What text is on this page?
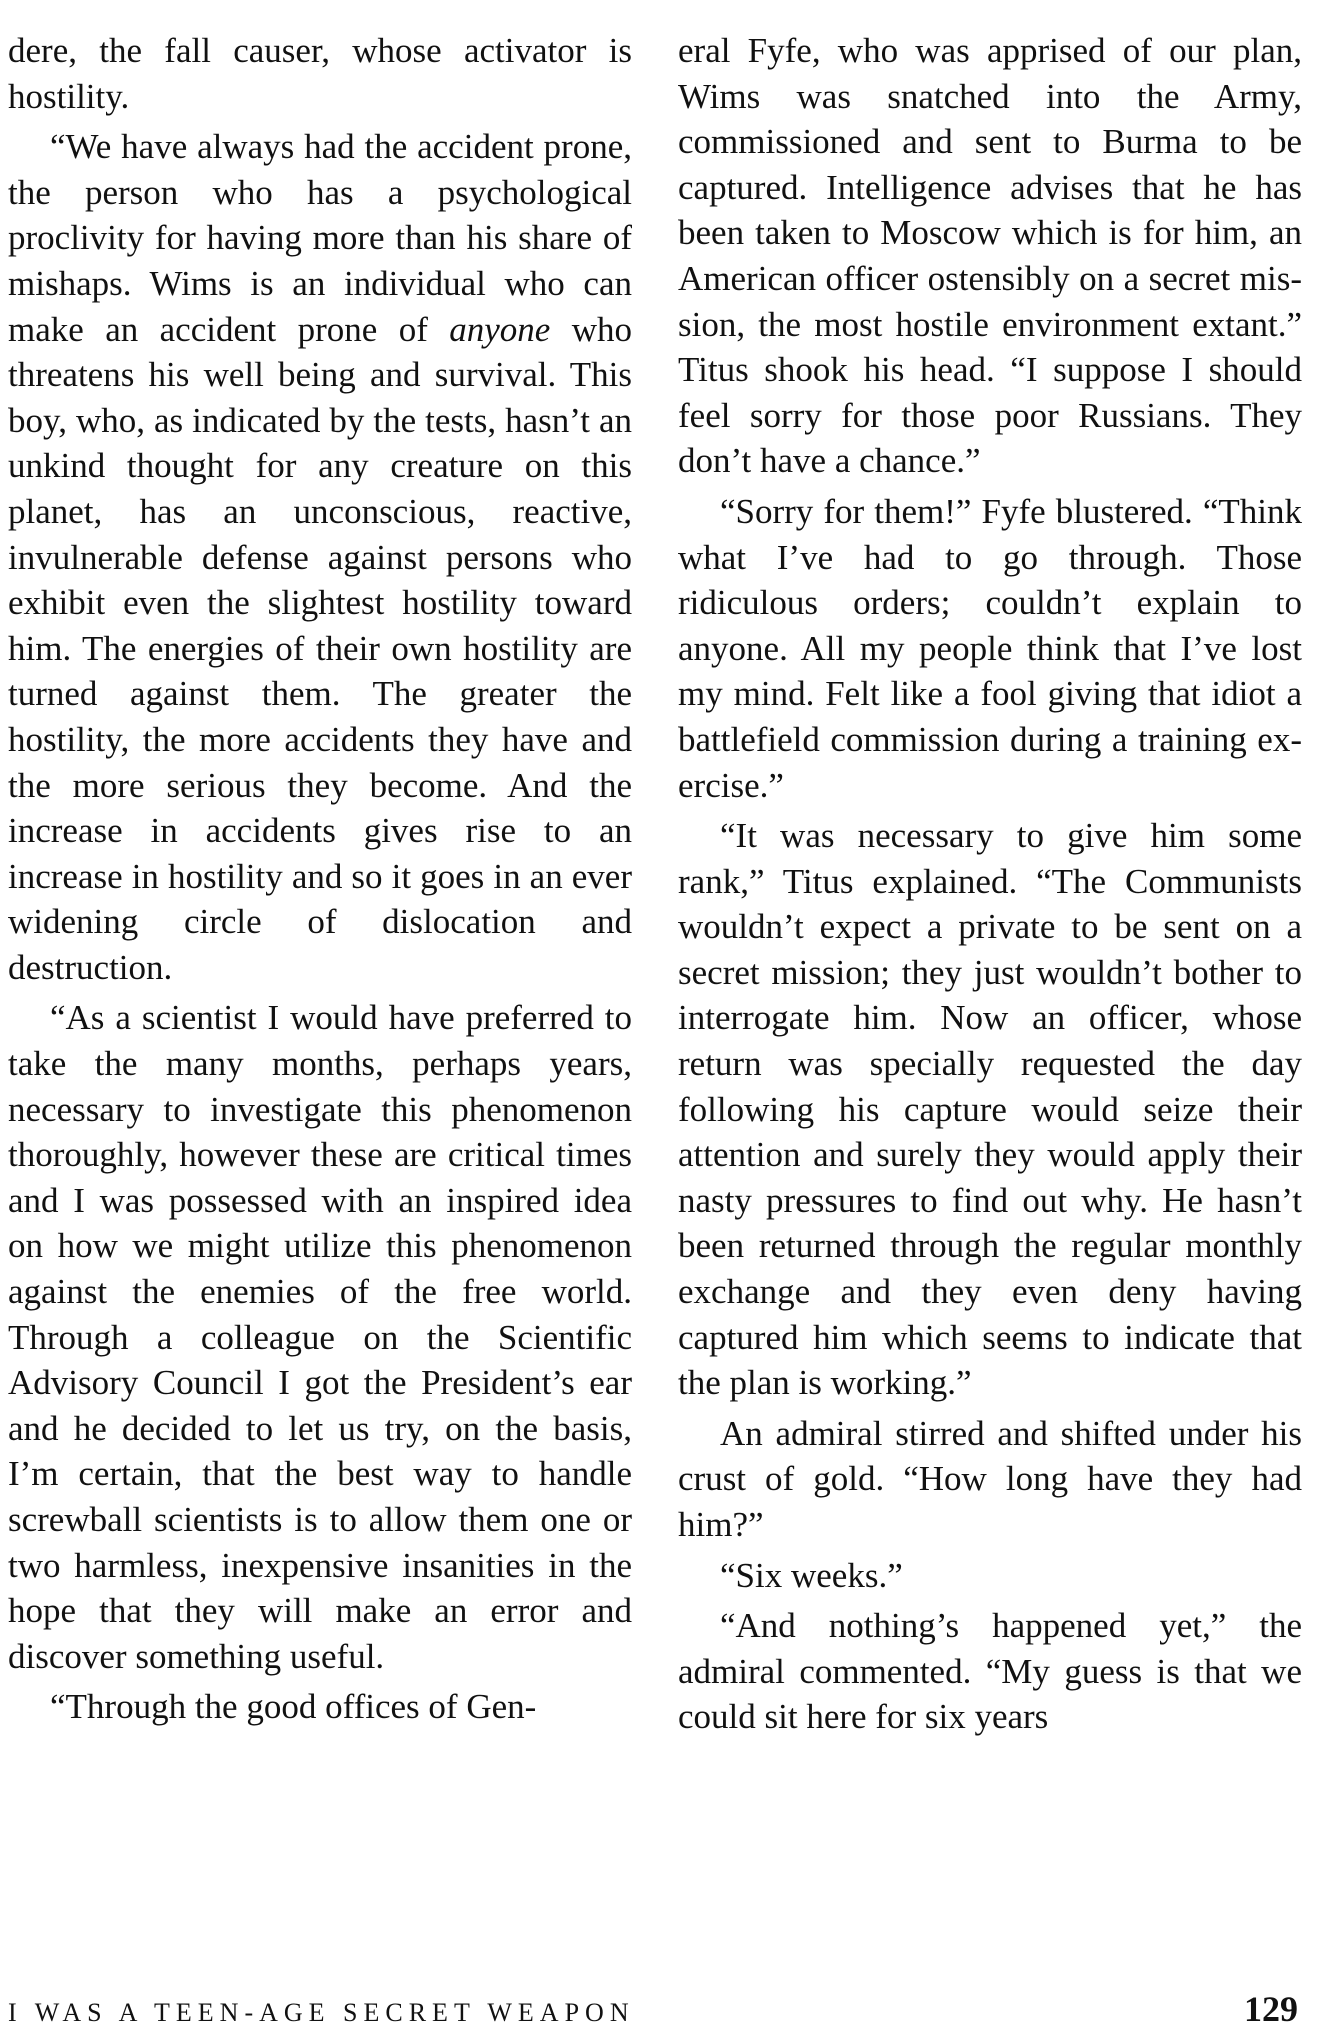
dere, the fall causer, whose activator is hostility.

“We have always had the accident prone, the person who has a psychological proclivity for having more than his share of mishaps. Wims is an individual who can make an accident prone of anyone who threatens his well being and survival. This boy, who, as indicated by the tests, hasn’t an unkind thought for any creature on this planet, has an unconscious, reactive, invulnerable defense against persons who exhibit even the slightest hostility toward him. The energies of their own hostility are turned against them. The greater the hostility, the more accidents they have and the more serious they become. And the increase in accidents gives rise to an increase in hostility and so it goes in an ever widening circle of dislocation and destruction.

“As a scientist I would have preferred to take the many months, perhaps years, necessary to investigate this phenomenon thoroughly, however these are critical times and I was possessed with an inspired idea on how we might utilize this phenomenon against the enemies of the free world. Through a colleague on the Scientific Advisory Council I got the President’s ear and he decided to let us try, on the basis, I’m certain, that the best way to handle screwball scientists is to allow them one or two harmless, inexpensive insanities in the hope that they will make an error and discover something useful.

“Through the good offices of Gen-

eral Fyfe, who was apprised of our plan, Wims was snatched into the Army, commissioned and sent to Burma to be captured. Intelligence advises that he has been taken to Moscow which is for him, an American officer ostensibly on a secret mission, the most hostile environment extant.” Titus shook his head. “I suppose I should feel sorry for those poor Russians. They don’t have a chance.”

“Sorry for them!” Fyfe blustered. “Think what I’ve had to go through. Those ridiculous orders; couldn’t explain to anyone. All my people think that I’ve lost my mind. Felt like a fool giving that idiot a battlefield commission during a training exercise.”

“It was necessary to give him some rank,” Titus explained. “The Communists wouldn’t expect a private to be sent on a secret mission; they just wouldn’t bother to interrogate him. Now an officer, whose return was specially requested the day following his capture would seize their attention and surely they would apply their nasty pressures to find out why. He hasn’t been returned through the regular monthly exchange and they even deny having captured him which seems to indicate that the plan is working.”

An admiral stirred and shifted under his crust of gold. “How long have they had him?”

“Six weeks.”

“And nothing’s happened yet,” the admiral commented. “My guess is that we could sit here for six years

I WAS A TEEN-AGE SECRET WEAPON	129
